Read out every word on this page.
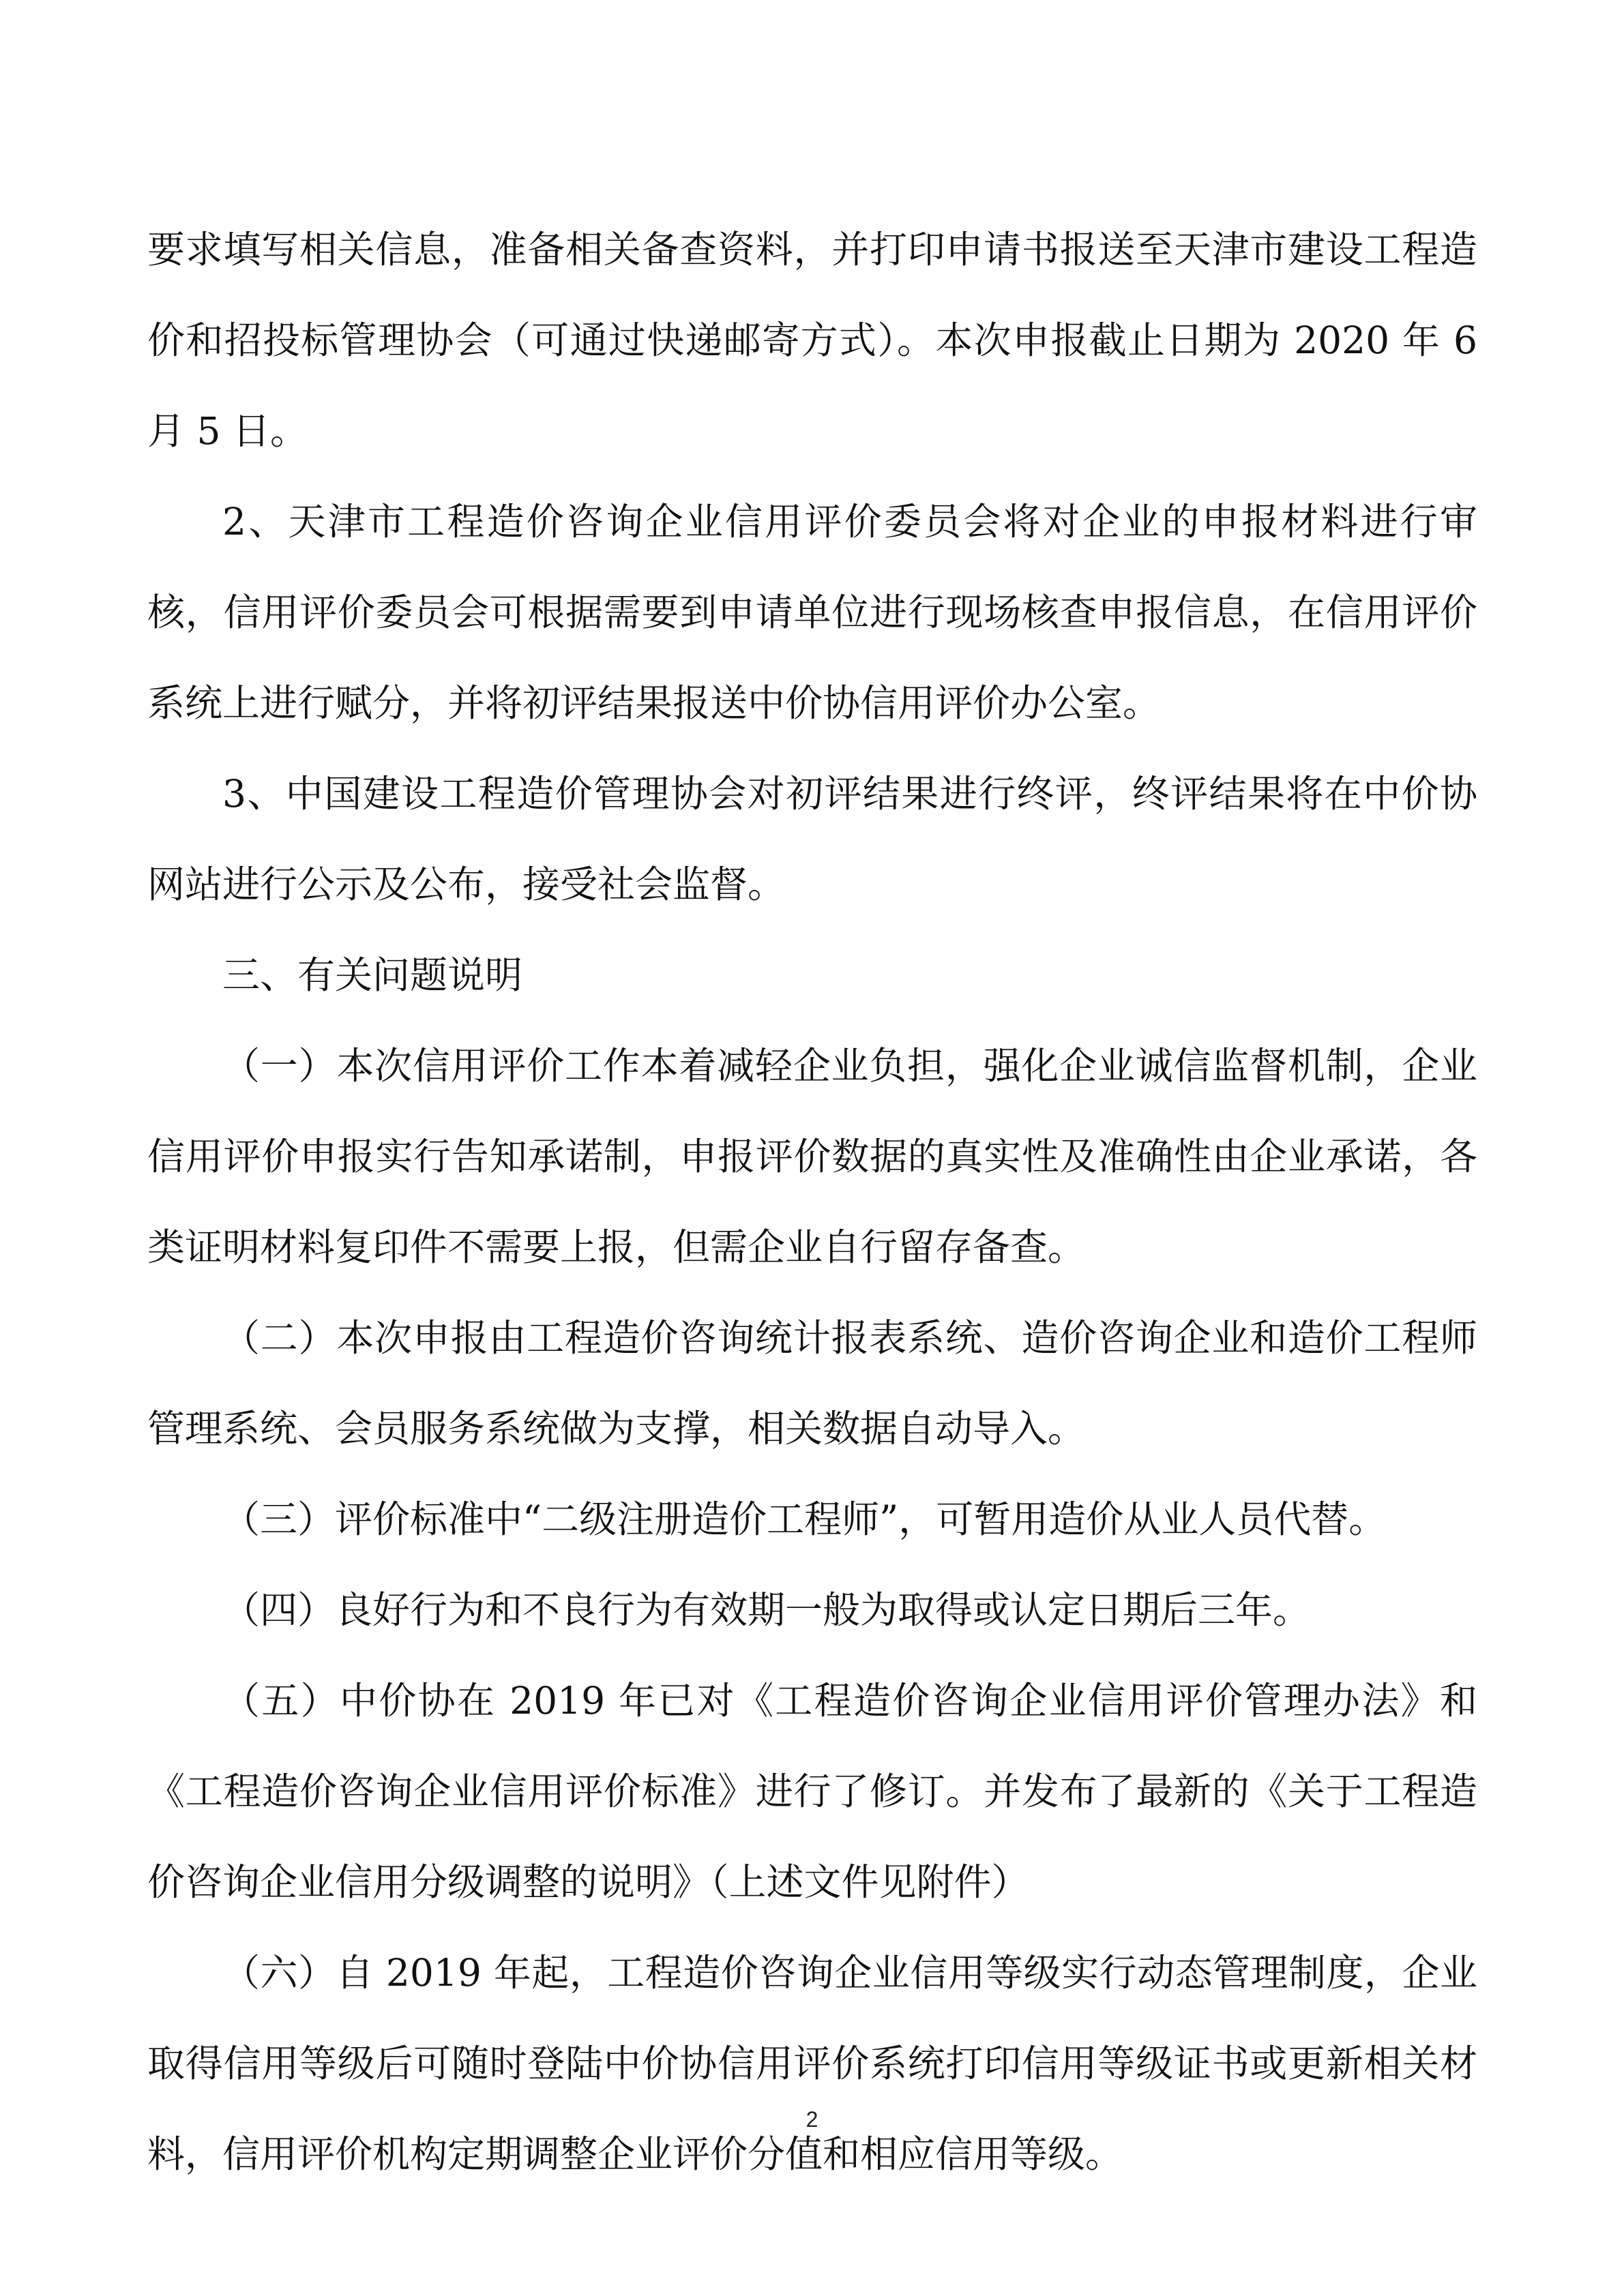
要求填写相关信息，准备相关备查资料，并打印申请书报送至天津市建设工程造价和招投标管理协会（可通过快递邮寄方式）。本次申报截止日期为 2020 年 6 月 5 日。

2、天津市工程造价咨询企业信用评价委员会将对企业的申报材料进行审核，信用评价委员会可根据需要到申请单位进行现场核查申报信息，在信用评价系统上进行赋分，并将初评结果报送中价协信用评价办公室。

3、中国建设工程造价管理协会对初评结果进行终评，终评结果将在中价协网站进行公示及公布，接受社会监督。

三、有关问题说明

（一）本次信用评价工作本着减轻企业负担，强化企业诚信监督机制，企业信用评价申报实行告知承诺制，申报评价数据的真实性及准确性由企业承诺，各类证明材料复印件不需要上报，但需企业自行留存备查。

（二）本次申报由工程造价咨询统计报表系统、造价咨询企业和造价工程师管理系统、会员服务系统做为支撑，相关数据自动导入。

（三）评价标准中“二级注册造价工程师”，可暂用造价从业人员代替。

（四）良好行为和不良行为有效期一般为取得或认定日期后三年。

（五）中价协在 2019 年已对《工程造价咨询企业信用评价管理办法》和《工程造价咨询企业信用评价标准》进行了修订。并发布了最新的《关于工程造价咨询企业信用分级调整的说明》（上述文件见附件）

（六）自 2019 年起，工程造价咨询企业信用等级实行动态管理制度，企业取得信用等级后可随时登陆中价协信用评价系统打印信用等级证书或更新相关材料，信用评价机构定期调整企业评价分值和相应信用等级。

2
